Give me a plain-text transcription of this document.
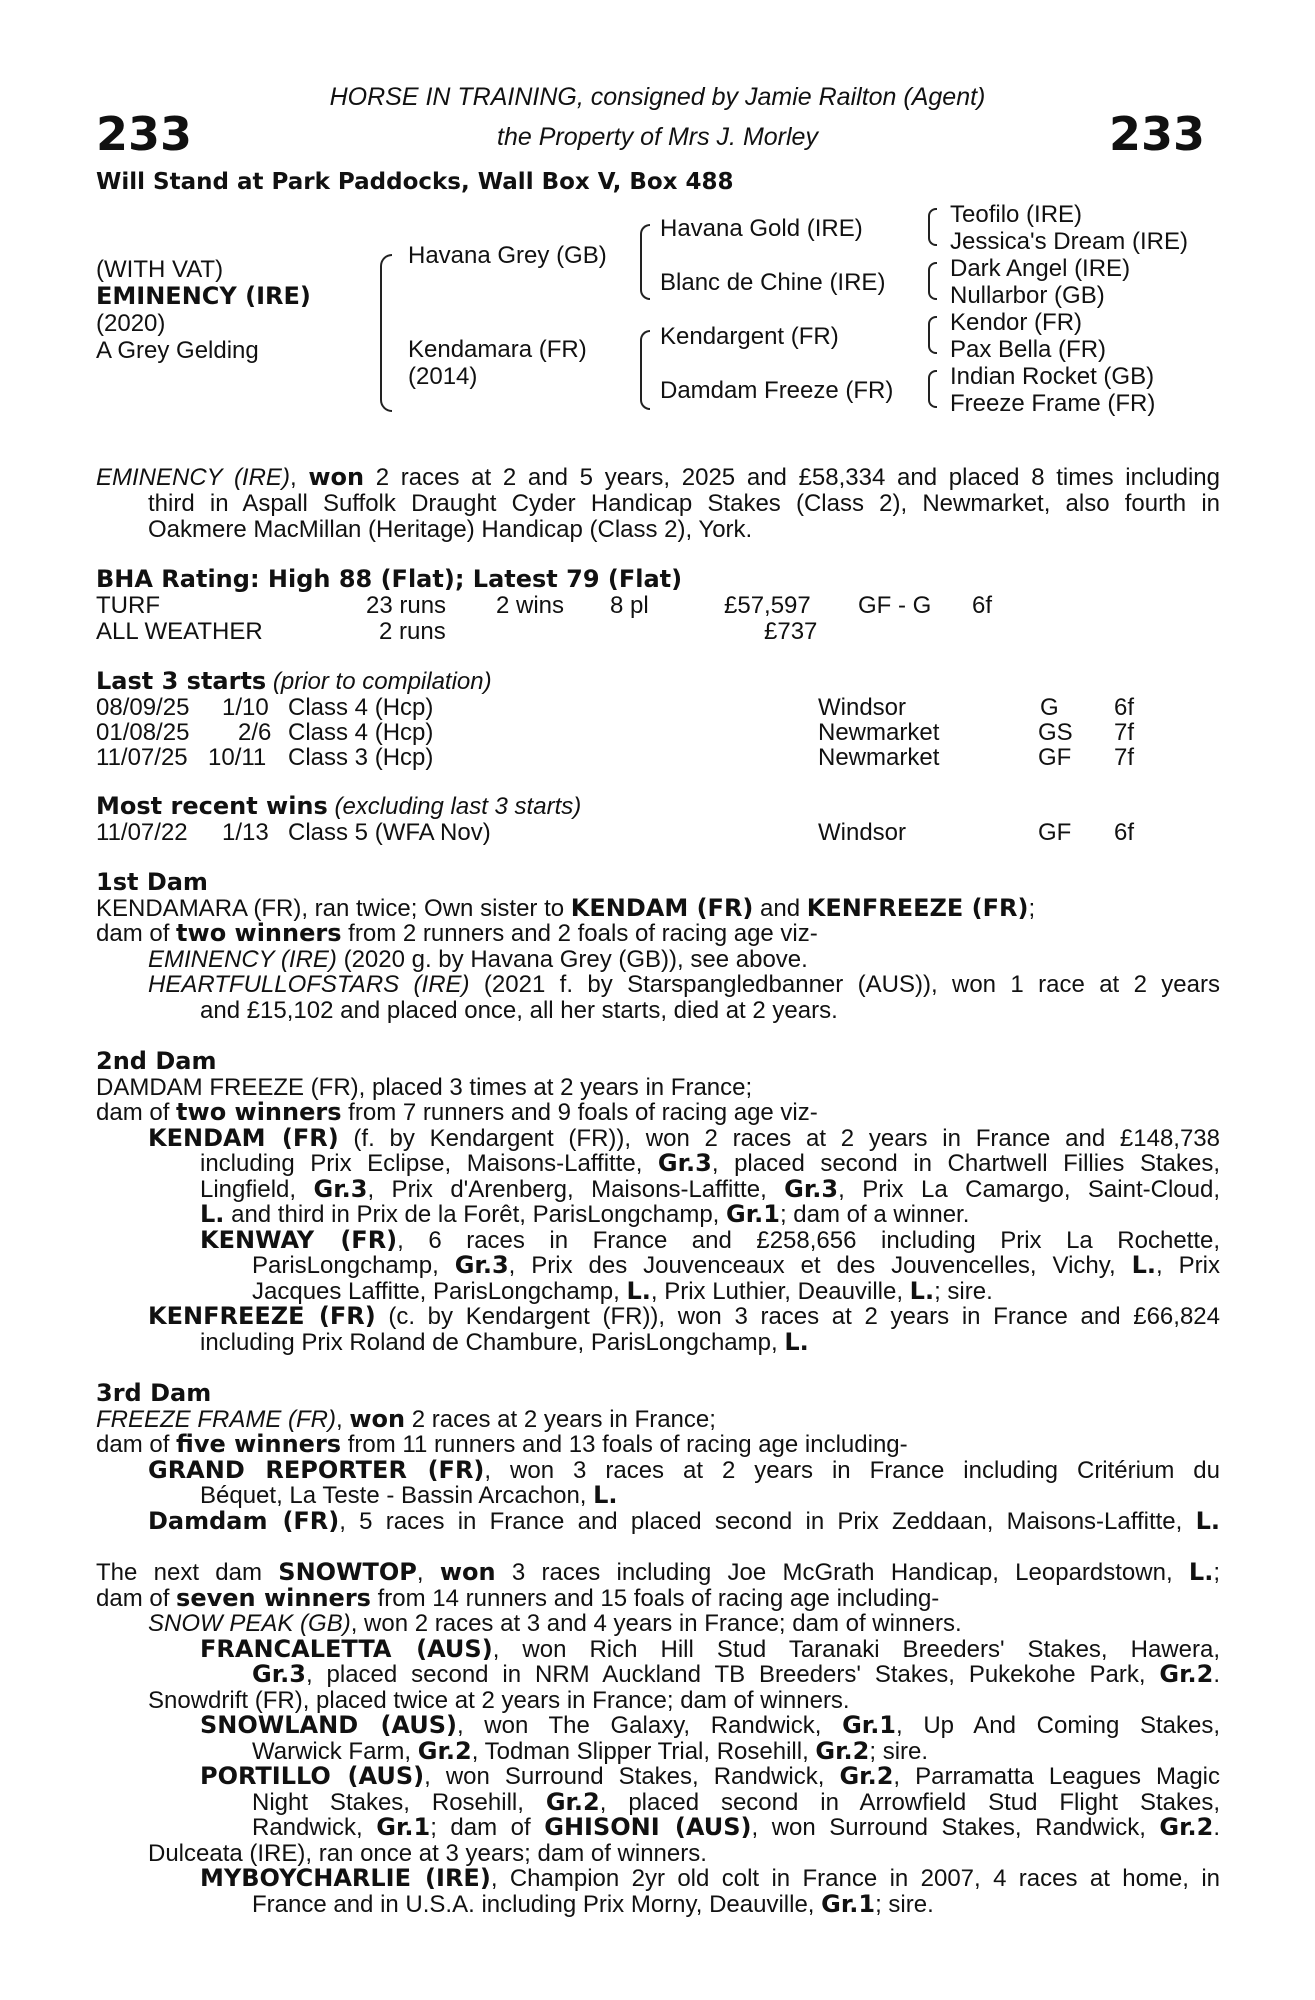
233	233
HORSE IN TRAINING, consigned by Jamie Railton (Agent)
the Property of Mrs J. Morley
Will Stand at Park Paddocks, Wall Box V, Box 488
(WITH VAT)
EMINENCY (IRE)
(2020)
A Grey Gelding
Havana Grey (GB)
Kendamara (FR)
(2014)
Havana Gold (IRE)
Blanc de Chine (IRE)
Kendargent (FR)
Damdam Freeze (FR)
Teofilo (IRE)
Jessica's Dream (IRE)
Dark Angel (IRE)
Nullarbor (GB)
Kendor (FR)
Pax Bella (FR)
Indian Rocket (GB)
Freeze Frame (FR)
EMINENCY (IRE), won 2 races at 2 and 5 years, 2025 and £58,334 and placed 8 times including
third in Aspall Suffolk Draught Cyder Handicap Stakes (Class 2), Newmarket, also fourth in
Oakmere MacMillan (Heritage) Handicap (Class 2), York.
BHA Rating: High 88 (Flat); Latest 79 (Flat)
TURF	23 runs 2 wins 8 pl	£57,597 GF - G 6f
ALL WEATHER	2 runs	£737
Last 3 starts (prior to compilation)
08/09/25 1/10 Class 4 (Hcp)	Windsor	G 6f
01/08/25 2/6 Class 4 (Hcp)	Newmarket	GS 7f
11/07/25 10/11 Class 3 (Hcp)	Newmarket	GF 7f
Most recent wins (excluding last 3 starts)
11/07/22 1/13 Class 5 (WFA Nov)	Windsor	GF 6f
1st Dam
KENDAMARA (FR), ran twice; Own sister to KENDAM (FR) and KENFREEZE (FR);
dam of two winners from 2 runners and 2 foals of racing age viz-
EMINENCY (IRE) (2020 g. by Havana Grey (GB)), see above.
HEARTFULLOFSTARS (IRE) (2021 f. by Starspangledbanner (AUS)), won 1 race at 2 years
and £15,102 and placed once, all her starts, died at 2 years.
2nd Dam
DAMDAM FREEZE (FR), placed 3 times at 2 years in France;
dam of two winners from 7 runners and 9 foals of racing age viz-
KENDAM (FR) (f. by Kendargent (FR)), won 2 races at 2 years in France and £148,738
including Prix Eclipse, Maisons-Laffitte, Gr.3, placed second in Chartwell Fillies Stakes,
Lingfield, Gr.3, Prix d'Arenberg, Maisons-Laffitte, Gr.3, Prix La Camargo, Saint-Cloud,
L. and third in Prix de la Forêt, ParisLongchamp, Gr.1; dam of a winner.
KENWAY (FR), 6 races in France and £258,656 including Prix La Rochette,
ParisLongchamp, Gr.3, Prix des Jouvenceaux et des Jouvencelles, Vichy, L., Prix
Jacques Laffitte, ParisLongchamp, L., Prix Luthier, Deauville, L.; sire.
KENFREEZE (FR) (c. by Kendargent (FR)), won 3 races at 2 years in France and £66,824
including Prix Roland de Chambure, ParisLongchamp, L.
3rd Dam
FREEZE FRAME (FR), won 2 races at 2 years in France;
dam of five winners from 11 runners and 13 foals of racing age including-
GRAND REPORTER (FR), won 3 races at 2 years in France including Critérium du
Béquet, La Teste - Bassin Arcachon, L.
Damdam (FR), 5 races in France and placed second in Prix Zeddaan, Maisons-Laffitte, L.
The next dam SNOWTOP, won 3 races including Joe McGrath Handicap, Leopardstown, L.;
dam of seven winners from 14 runners and 15 foals of racing age including-
SNOW PEAK (GB), won 2 races at 3 and 4 years in France; dam of winners.
FRANCALETTA (AUS), won Rich Hill Stud Taranaki Breeders' Stakes, Hawera,
Gr.3, placed second in NRM Auckland TB Breeders' Stakes, Pukekohe Park, Gr.2.
Snowdrift (FR), placed twice at 2 years in France; dam of winners.
SNOWLAND (AUS), won The Galaxy, Randwick, Gr.1, Up And Coming Stakes,
Warwick Farm, Gr.2, Todman Slipper Trial, Rosehill, Gr.2; sire.
PORTILLO (AUS), won Surround Stakes, Randwick, Gr.2, Parramatta Leagues Magic
Night Stakes, Rosehill, Gr.2, placed second in Arrowfield Stud Flight Stakes,
Randwick, Gr.1; dam of GHISONI (AUS), won Surround Stakes, Randwick, Gr.2.
Dulceata (IRE), ran once at 3 years; dam of winners.
MYBOYCHARLIE (IRE), Champion 2yr old colt in France in 2007, 4 races at home, in
France and in U.S.A. including Prix Morny, Deauville, Gr.1; sire.
